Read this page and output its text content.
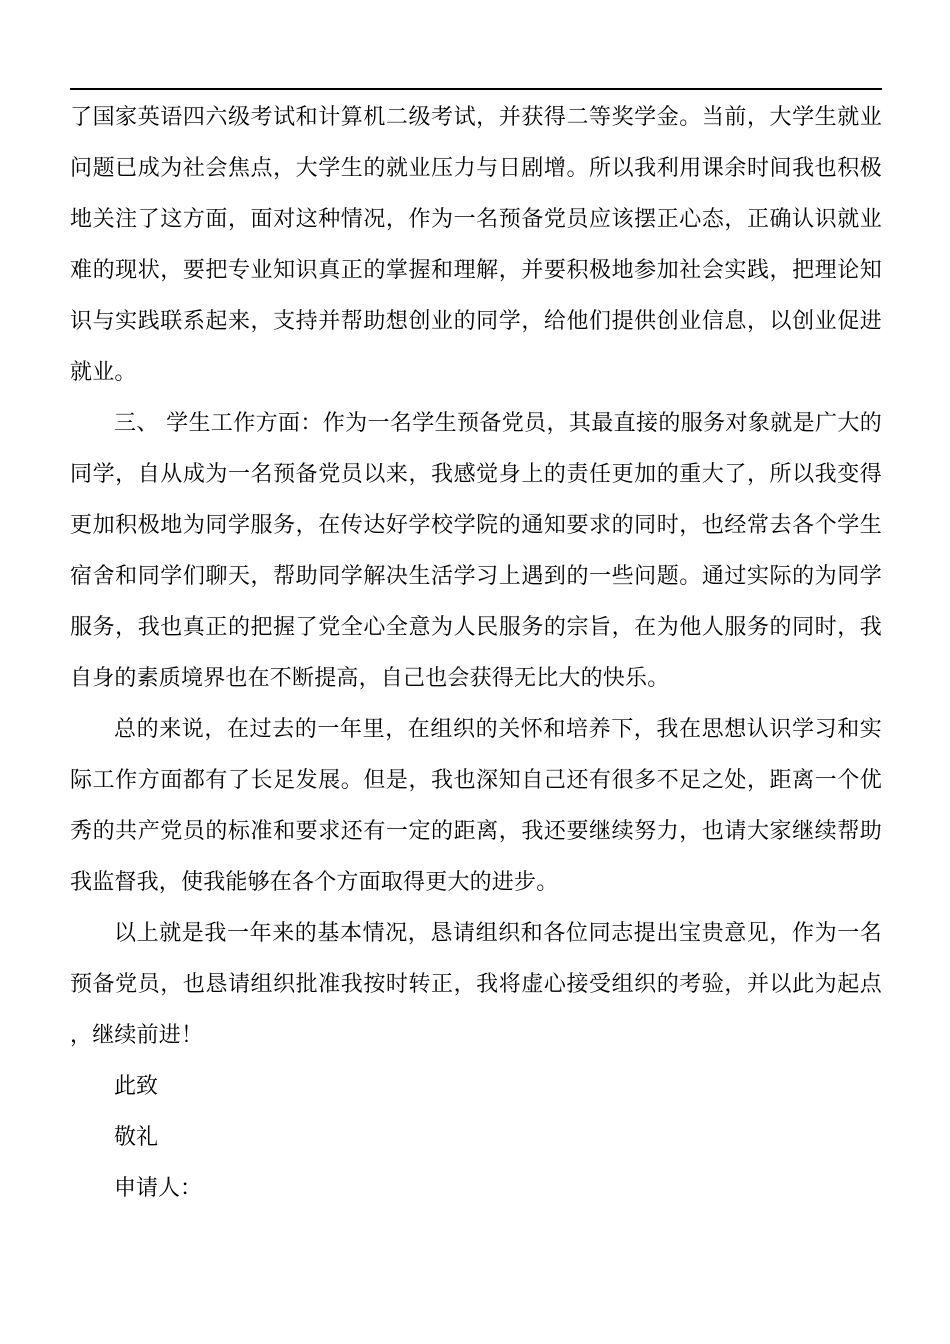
了国家英语四六级考试和计算机二级考试，并获得二等奖学金。当前，大学生就业问题已成为社会焦点，大学生的就业压力与日剧增。所以我利用课余时间我也积极地关注了这方面，面对这种情况，作为一名预备党员应该摆正心态，正确认识就业难的现状，要把专业知识真正的掌握和理解，并要积极地参加社会实践，把理论知识与实践联系起来，支持并帮助想创业的同学，给他们提供创业信息，以创业促进就业。

三、 学生工作方面：作为一名学生预备党员，其最直接的服务对象就是广大的同学，自从成为一名预备党员以来，我感觉身上的责任更加的重大了，所以我变得更加积极地为同学服务，在传达好学校学院的通知要求的同时，也经常去各个学生宿舍和同学们聊天，帮助同学解决生活学习上遇到的一些问题。通过实际的为同学服务，我也真正的把握了党全心全意为人民服务的宗旨，在为他人服务的同时，我自身的素质境界也在不断提高，自己也会获得无比大的快乐。

总的来说，在过去的一年里，在组织的关怀和培养下，我在思想认识学习和实际工作方面都有了长足发展。但是，我也深知自己还有很多不足之处，距离一个优秀的共产党员的标准和要求还有一定的距离，我还要继续努力，也请大家继续帮助我监督我，使我能够在各个方面取得更大的进步。

以上就是我一年来的基本情况，恳请组织和各位同志提出宝贵意见，作为一名预备党员，也恳请组织批准我按时转正，我将虚心接受组织的考验，并以此为起点，继续前进！

此致

敬礼

申请人：
